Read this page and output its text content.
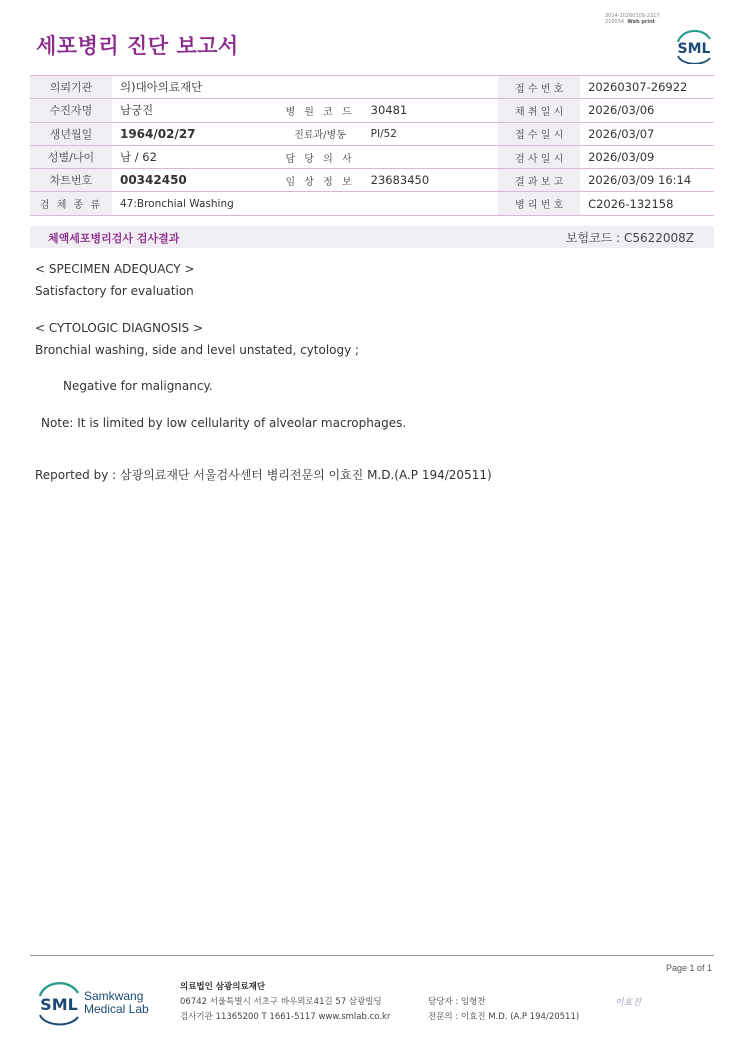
세포병리 진단 보고서
3014-20260309-2317
210034 Web print
SML
의뢰기관	의)대아의료재단			접 수 번 호	20260307-26922
수진자명	남궁진	병 원 코 드	30481	채 취 일 시	2026/03/06
생년월일	1964/02/27	진료과/병동	PI/52	접 수 일 시	2026/03/07
성별/나이	남 / 62	담 당 의 사		검 사 일 시	2026/03/09
차트번호	00342450	임 상 정 보	23683450	결 과 보 고	2026/03/09 16:14
검 체 종 류	47:Bronchial Washing			병 리 번 호	C2026-132158
체액세포병리검사 검사결과	보험코드 : C5622008Z
< SPECIMEN ADEQUACY >
Satisfactory for evaluation
< CYTOLOGIC DIAGNOSIS >
Bronchial washing, side and level unstated, cytology ;
Negative for malignancy.
Note: It is limited by low cellularity of alveolar macrophages.
Reported by : 삼광의료재단 서울검사센터 병리전문의 이효진 M.D.(A.P 194/20511)
Page 1 of 1
SML Samkwang
Medical Lab
의료법인 삼광의료재단
06742 서울특별시 서초구 바우뫼로41길 57 삼광빌딩
검사기관 11365200 T 1661-5117 www.smlab.co.kr
담당자 : 임형찬
전문의 : 이효진 M.D. (A.P 194/20511)
이효진
